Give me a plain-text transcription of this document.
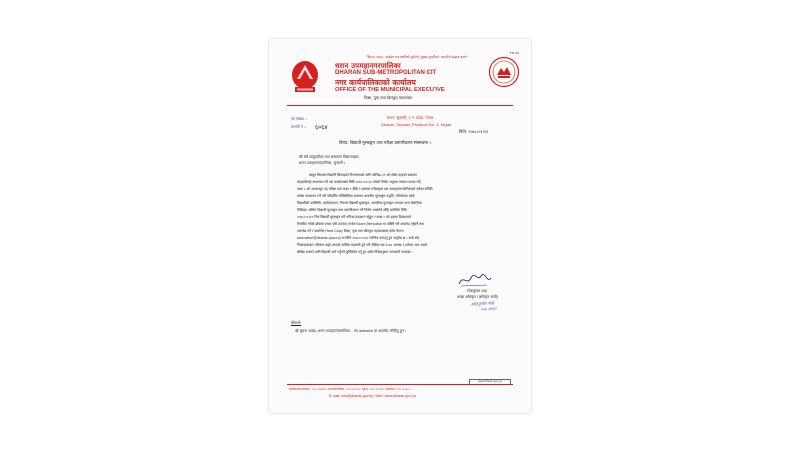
FN 30
"हिम्ला, पहाड, तराईका सब बासीको सुनौलो, सुखद सुन्दरीको, आपसैले सद्भाव धरान"
धरान उपमहानगरपालिका
DHARAN SUB-METROPOLITAN CIT
नगर कार्यपालिकाको कार्यालय
OFFICE OF THE MUNICIPAL EXECU'IVE
शिक्षा, युवा तथा खेलकुद महाशाखा
पत्र संख्या :-
चलानी नं :- ६०६४
धरान, सुनसरी, १ नं. प्रदेश, नेपाल
Dharan, Sunsari, Province No. 1, Nepal
मिति: २०७८।०१।१३
विषय: विद्यार्थी मूल्याङ्कन तथा परीक्षा प्रमाणीकरण सम्बन्धमा ।
श्री सबै सामुदायिक तथा संस्थागत विद्यालयहरू,
धरान उपमहानगरपालिका, सुनसरी ।
प्रस्तुत विषयमा विद्यार्थी सिकाइको निरन्तरताको लागि कोभिड–१९ को दोस्रो लहरको संक्रमण
महामारीलाई मध्यनजर गर्दै यस कार्यालयको मिति २०७८।०१।१३ गतेको निर्णय अनुसार तत्काल प्रभाव गरी,
कक्षा ८ को आधारभूत तह परीक्षा तथा कक्षा १ देखि ९ सम्मका परीक्षाहरू यस उपमहानगरपालिकाको परीक्षा समिति
मार्फत सञ्चालन गर्ने गरी परिवर्तित परिस्थितिमा समयमा आधारित मूल्याङ्कन पद्धति, परियोजना कार्य,
विद्यार्थीको उपस्थिति, कार्यसम्पादन, निरन्तर विद्यार्थी मूल्याङ्कन, आन्तरिक मूल्याङ्कन लगायत अन्य वैकल्पिक
विधिबाट अन्तिम विद्यार्थी मूल्याङ्कन तथा प्रमाणीकरण गर्ने निर्णय भएकोले सोहि बमोजिम मिति
२०७८।०१।२१ भित्र विद्यार्थी मूल्याङ्कन गरी नतिजा प्रकाशन गर्नुहुन र कक्षा ८ को हकमा विद्यालयले
निर्धारित गरेको ढाँचामा तयार पारी IEMIS मार्फत Exam Template मा प्रविष्टि गरी अपलोड गर्नुपर्ने तथा
अपलोड गर्ने र प्रमाणित Hard Copy शिक्षा, युवा तथा खेलकुद महाशाखामा इमेल ठेगाना
education@dharan.gov.np मा मिति २०७८।०१।३० गतेभित्र पठाउनु हुन अनुरोध छ । साथै सबै
निकायहरूबाट परिणाम बढ्दै आएको कोभिड महामारी हुने गरी शैक्षिक सत्र २०७८ आषाढ १ गतेबाट मात्र आउने
शैक्षिक सत्रको लागि विद्यार्थी भर्ना गर्नुपर्ने सुनिश्चित गर्नु हुन समेत निर्देशानुसार जानकारी गराइन्छ ।
रमेशकुमार शाह
शाखा अधिकृत (अधिकृत सातौं)
रमेशकुमार शाह
शाखा अधिकृत
बोधार्थ:
श्री सूचना शाखा, धरान उपमहानगरपालिका - पत्र website मा अपलोड गरिदिनु हुन ।
www.dharan.gov.np
कार्यालयको हटलाइन: ०२५-५२०७०७, नगरकार्यपालिका: ०२५-५२००५५, सूचना: ०२५-५२००६६, कार्यालय: ०२५-५२०३८८
E-mail: info@dharan.gov.np, Web: www.dharan.gov.np
